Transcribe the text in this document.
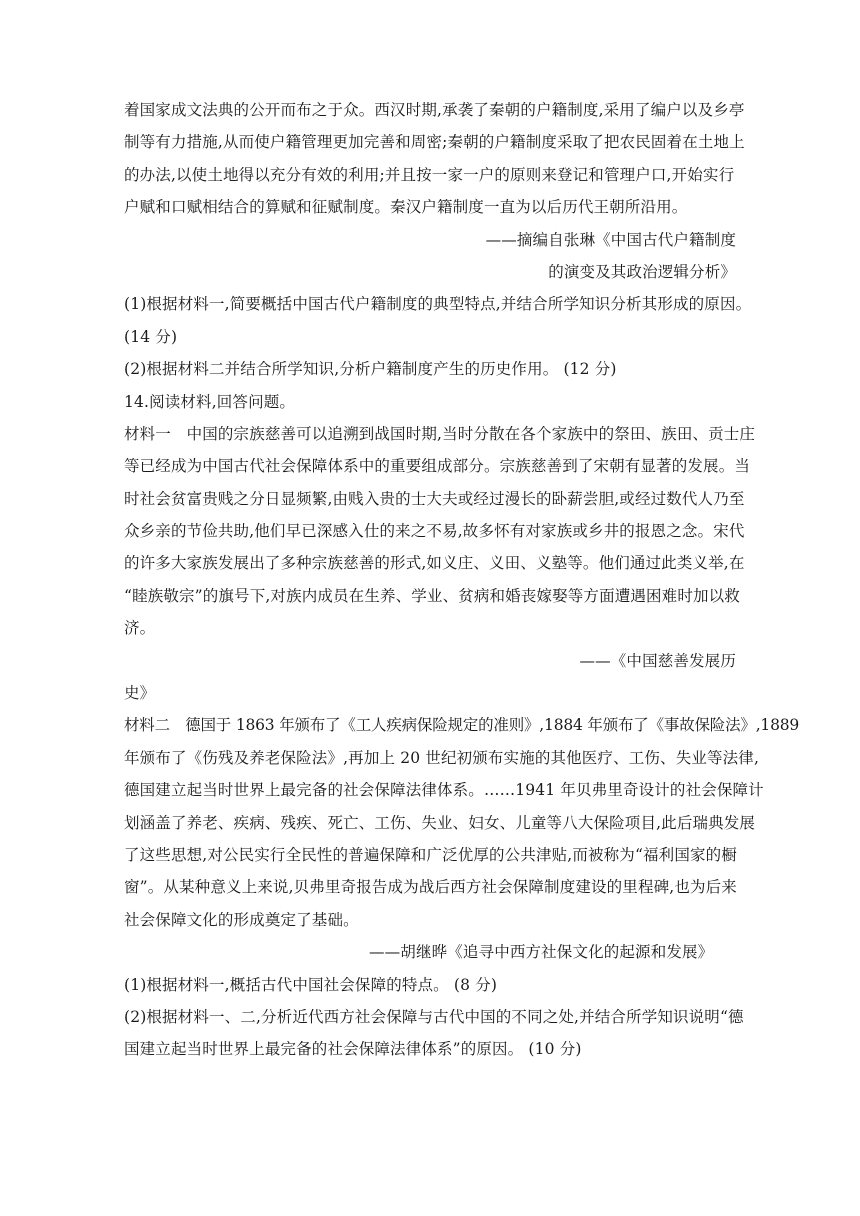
着国家成文法典的公开而布之于众。西汉时期,承袭了秦朝的户籍制度,采用了编户以及乡亭
制等有力措施,从而使户籍管理更加完善和周密;秦朝的户籍制度采取了把农民固着在土地上
的办法,以使土地得以充分有效的利用;并且按一家一户的原则来登记和管理户口,开始实行
户赋和口赋相结合的算赋和征赋制度。秦汉户籍制度一直为以后历代王朝所沿用。
——摘编自张琳《中国古代户籍制度
的演变及其政治逻辑分析》
(1)根据材料一,简要概括中国古代户籍制度的典型特点,并结合所学知识分析其形成的原因。
(14 分)
(2)根据材料二并结合所学知识,分析户籍制度产生的历史作用。 (12 分)
14.阅读材料,回答问题。
材料一　中国的宗族慈善可以追溯到战国时期,当时分散在各个家族中的祭田、族田、贡士庄
等已经成为中国古代社会保障体系中的重要组成部分。宗族慈善到了宋朝有显著的发展。当
时社会贫富贵贱之分日显频繁,由贱入贵的士大夫或经过漫长的卧薪尝胆,或经过数代人乃至
众乡亲的节俭共助,他们早已深感入仕的来之不易,故多怀有对家族或乡井的报恩之念。宋代
的许多大家族发展出了多种宗族慈善的形式,如义庄、义田、义塾等。他们通过此类义举,在
“睦族敬宗”的旗号下,对族内成员在生养、学业、贫病和婚丧嫁娶等方面遭遇困难时加以救
济。
——《中国慈善发展历
史》
材料二　德国于 1863 年颁布了《工人疾病保险规定的准则》,1884 年颁布了《事故保险法》,1889
年颁布了《伤残及养老保险法》,再加上 20 世纪初颁布实施的其他医疗、工伤、失业等法律,
德国建立起当时世界上最完备的社会保障法律体系。……1941 年贝弗里奇设计的社会保障计
划涵盖了养老、疾病、残疾、死亡、工伤、失业、妇女、儿童等八大保险项目,此后瑞典发展
了这些思想,对公民实行全民性的普遍保障和广泛优厚的公共津贴,而被称为“福利国家的橱
窗”。从某种意义上来说,贝弗里奇报告成为战后西方社会保障制度建设的里程碑,也为后来
社会保障文化的形成奠定了基础。
——胡继晔《追寻中西方社保文化的起源和发展》
(1)根据材料一,概括古代中国社会保障的特点。 (8 分)
(2)根据材料一、二,分析近代西方社会保障与古代中国的不同之处,并结合所学知识说明“德
国建立起当时世界上最完备的社会保障法律体系”的原因。 (10 分)
